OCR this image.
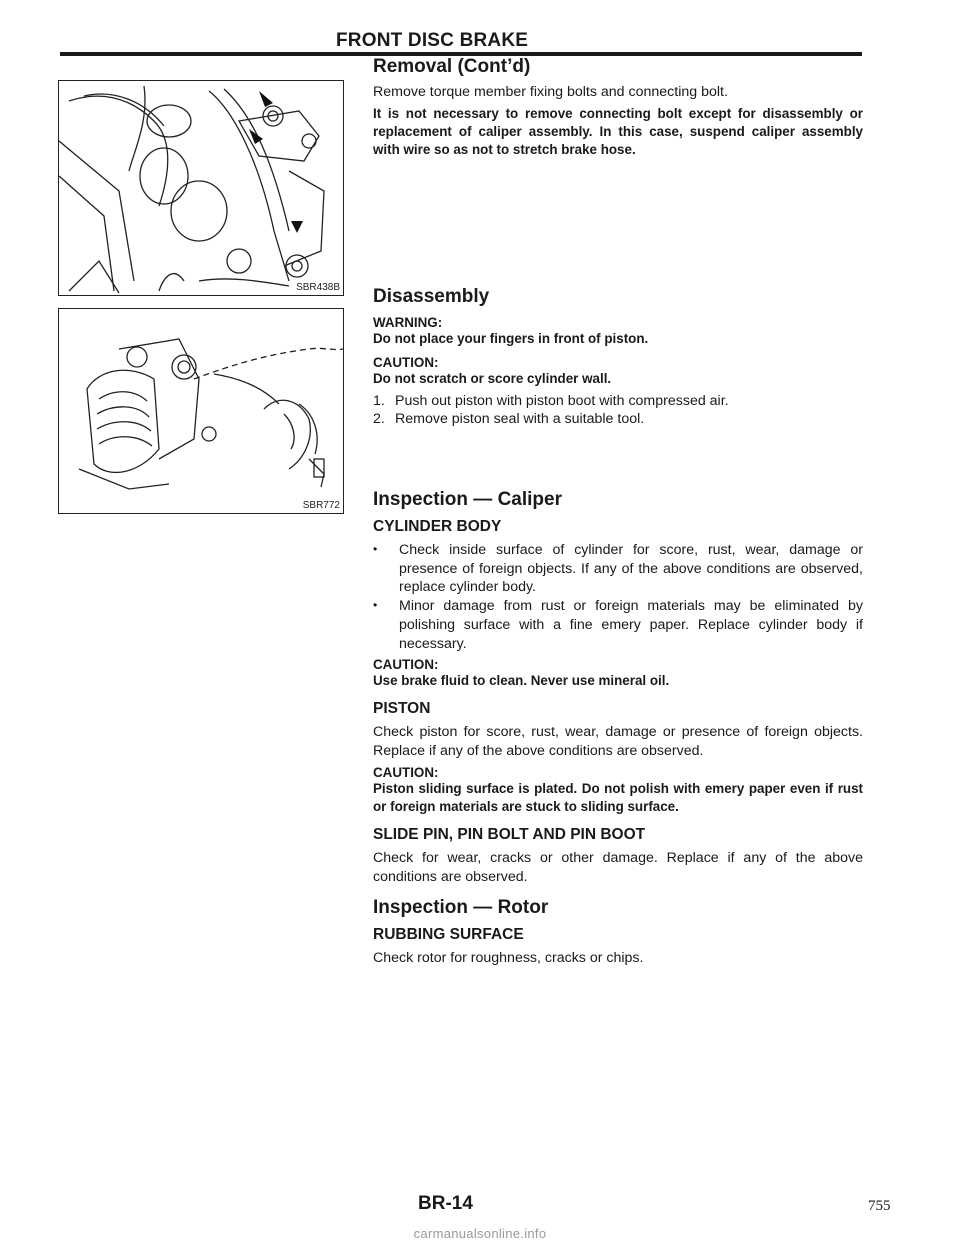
FRONT DISC BRAKE
SBR438B
SBR772
Removal (Cont’d)

Remove torque member fixing bolts and connecting bolt.

It is not necessary to remove connecting bolt except for disassembly or replacement of caliper assembly. In this case, suspend caliper assembly with wire so as not to stretch brake hose.

Disassembly
WARNING:

Do not place your fingers in front of piston.

CAUTION:

Do not scratch or score cylinder wall.

1. Push out piston with piston boot with compressed air.
2. Remove piston seal with a suitable tool.
Inspection — Caliper
CYLINDER BODY
•	Check inside surface of cylinder for score, rust, wear, damage or presence of foreign objects. If any of the above conditions are observed, replace cylinder body.
•	Minor damage from rust or foreign materials may be eliminated by polishing surface with a fine emery paper. Replace cylinder body if necessary.
CAUTION:

Use brake fluid to clean. Never use mineral oil.

PISTON

Check piston for score, rust, wear, damage or presence of foreign objects. Replace if any of the above conditions are observed.

CAUTION:

Piston sliding surface is plated. Do not polish with emery paper even if rust or foreign materials are stuck to sliding surface.

SLIDE PIN, PIN BOLT AND PIN BOOT

Check for wear, cracks or other damage. Replace if any of the above conditions are observed.

Inspection — Rotor
RUBBING SURFACE

Check rotor for roughness, cracks or chips.

BR-14	755
carmanualsonline.info
